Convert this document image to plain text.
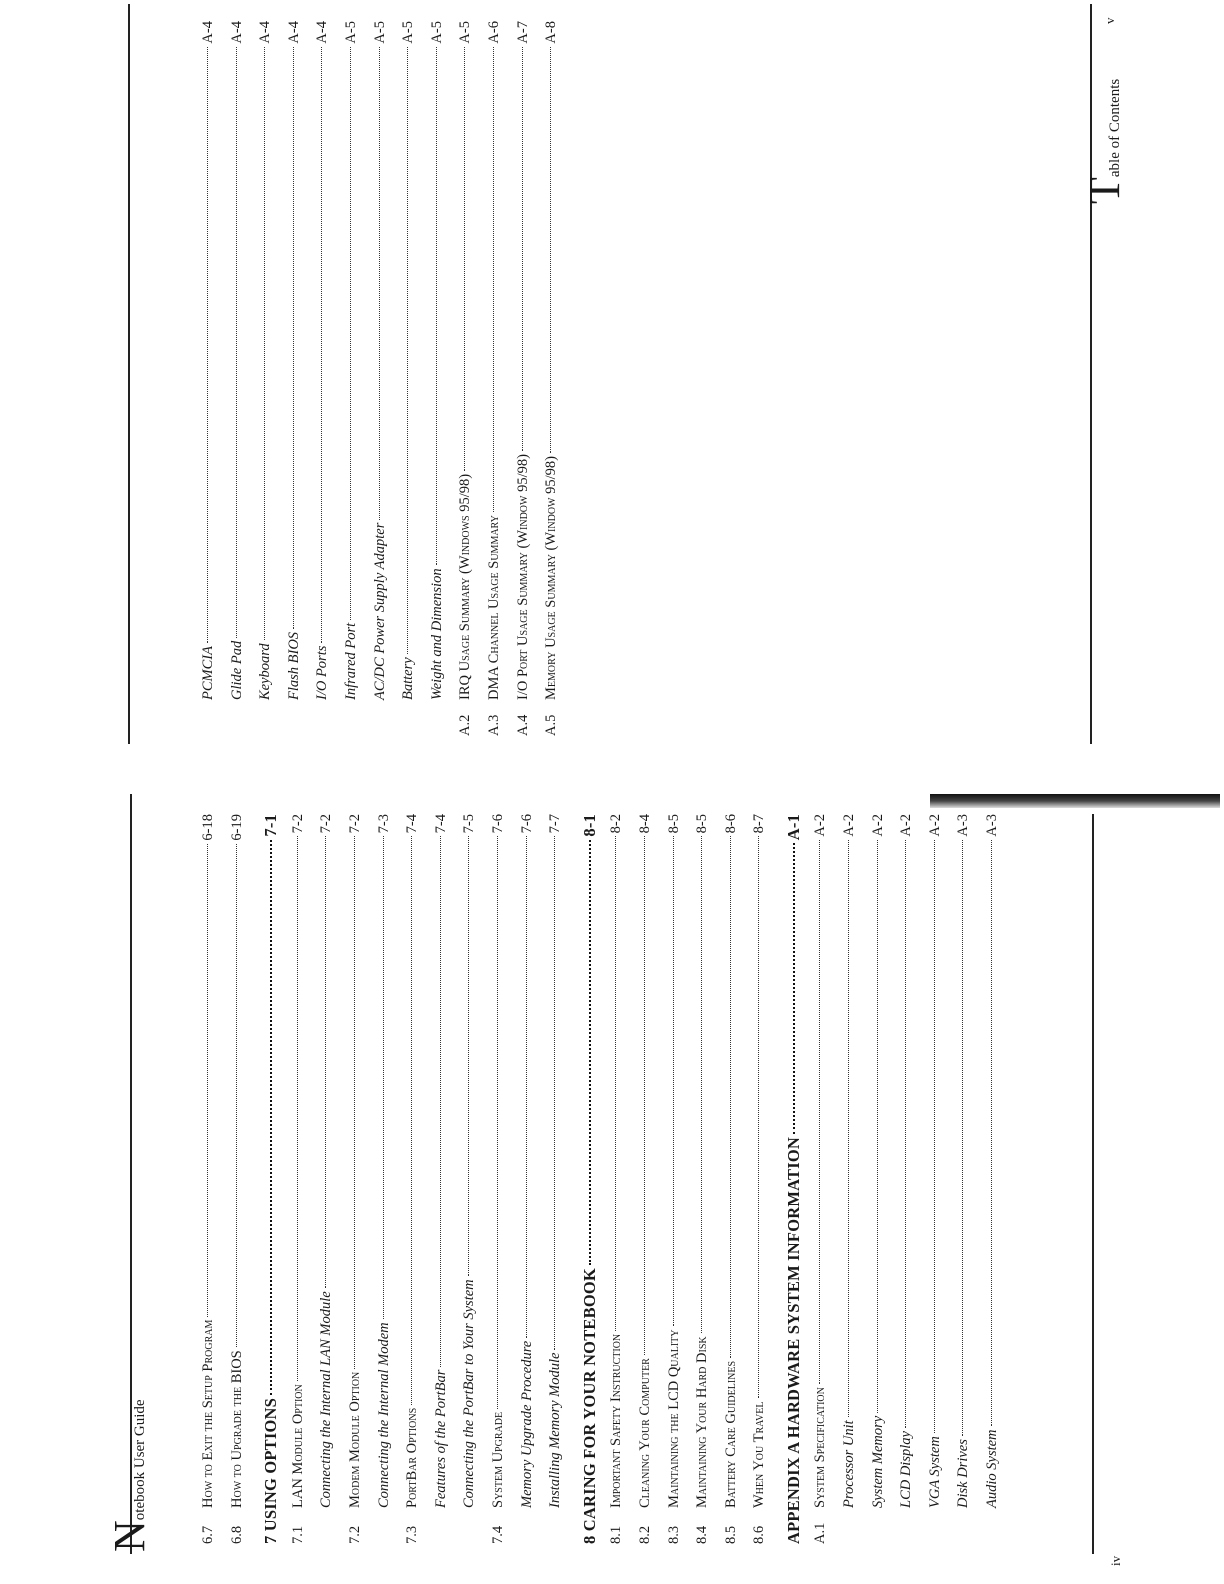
Notebook User Guide
iv
6.7
How to Exit the Setup Program
6-18
6.8
How to Upgrade the BIOS
6-19
7 USING OPTIONS
7-1
7.1
LAN Module Option
7-2
Connecting the Internal LAN Module
7-2
7.2
Modem Module Option
7-2
Connecting the Internal Modem
7-3
7.3
PortBar Options
7-4
Features of the PortBar
7-4
Connecting the PortBar to Your System
7-5
7.4
System Upgrade
7-6
Memory Upgrade Procedure
7-6
Installing Memory Module
7-7
8 CARING FOR YOUR NOTEBOOK
8-1
8.1
Important Safety Instruction
8-2
8.2
Cleaning Your Computer
8-4
8.3
Maintaining the LCD Quality
8-5
8.4
Maintaining Your Hard Disk
8-5
8.5
Battery Care Guidelines
8-6
8.6
When You Travel
8-7
APPENDIX A HARDWARE SYSTEM INFORMATION
A-1
A.1
System Specification
A-2
Processor Unit
A-2
System Memory
A-2
LCD Display
A-2
VGA System
A-2
Disk Drives
A-3
Audio System
A-3
Table of Contents
v
PCMCIA
A-4
Glide Pad
A-4
Keyboard
A-4
Flash BIOS
A-4
I/O Ports
A-4
Infrared Port
A-5
AC/DC Power Supply Adapter
A-5
Battery
A-5
Weight and Dimension
A-5
A.2
IRQ Usage Summary (Windows 95/98)
A-5
A.3
DMA Channel Usage Summary
A-6
A.4
I/O Port Usage Summary (Window 95/98)
A-7
A.5
Memory Usage Summary (Window 95/98)
A-8
